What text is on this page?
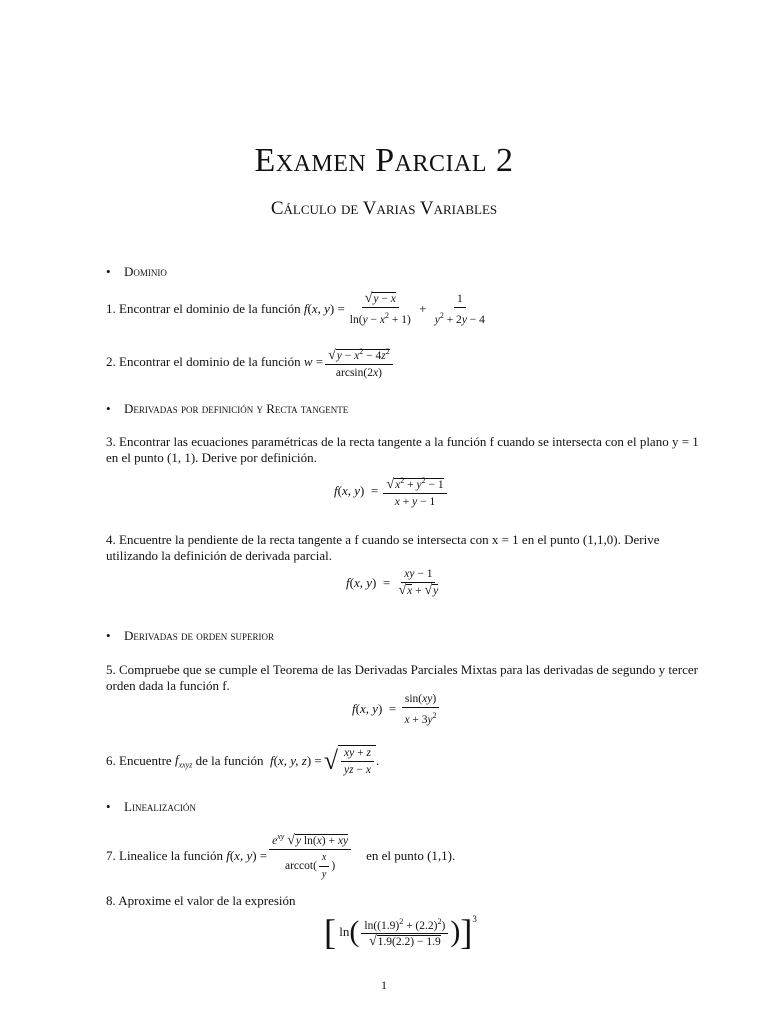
Examen Parcial 2
Cálculo de Varias Variables
• Dominio
1. Encontrar el dominio de la función
f(x, $y) = \frac{√y - x}{\ln(y - x^2 + 1)} + \frac{1}{y^2 + 2y - 4}$
2. Encontrar el dominio de la función
$w = \frac{√y - x^2 - 4z^2}{\arcsin(2x)}$
• Derivadas por definición y Recta tangente
3. Encontrar las ecuaciones paramétricas de la recta tangente a la función f cuando se intersecta con el plano y = 1 en el punto (1, 1). Derive por definición.
f(x, $y) = \frac{√x^2 + y^2 - 1}{x + y - 1}$
4. Encuentre la pendiente de la recta tangente a f cuando se intersecta con x = 1 en el punto (1,1,0). Derive utilizando la definición de derivada parcial.
f(x, $y) = \frac{xy - 1}{√x + √y}$
• Derivadas de orden superior
5. Compruebe que se cumple el Teorema de las Derivadas Parciales Mixtas para las derivadas de segundo y tercer orden dada la función f.
f(x, $y) = \frac{\sin(xy)}{x + 3y^2}$
6. Encuentre
$f_{xxyz}$
de la función
f(x, y, z) = √ $\frac{xy + z}{yz - x}$ .
• Linealización
7. Linealice la función
f(x, $y) = \frac{e^{xy} √y \ln(x) + xy}{arccot( \frac{x}{y} )}$
en el punto (1,1).
8. Aproxime el valor de la expresión
[ ln ( $\frac{\ln((1.9)^2 + (2.2)^2)}{√1.9(2.2) - 1.9}$ ) ]$^3$
1
